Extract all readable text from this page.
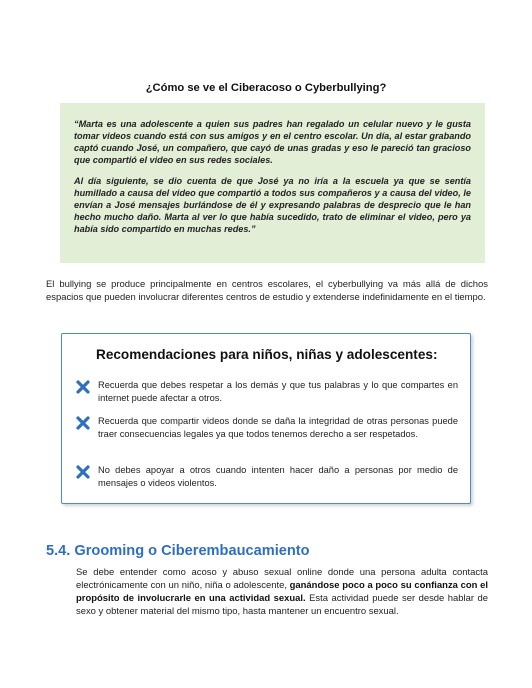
¿Cómo se ve el Ciberacoso o Cyberbullying?

“Marta es una adolescente a quien sus padres han regalado un celular nuevo y le gusta tomar videos cuando está con sus amigos y en el centro escolar. Un día, al estar grabando captó cuando José, un compañero, que cayó de unas gradas y eso le pareció tan gracioso que compartió el video en sus redes sociales.

Al día siguiente, se dio cuenta de que José ya no iría a la escuela ya que se sentía humillado a causa del video que compartió a todos sus compañeros y a causa del video, le envían a José mensajes burlándose de él y expresando palabras de desprecio que le han hecho mucho daño. Marta al ver lo que había sucedido, trato de eliminar el video, pero ya había sido compartido en muchas redes.”

El bullying se produce principalmente en centros escolares, el cyberbullying va más allá de dichos espacios que pueden involucrar diferentes centros de estudio y extenderse indefinidamente en el tiempo.
Recomendaciones para niños, niñas y adolescentes:
Recuerda que debes respetar a los demás y que tus palabras y lo que compartes en internet puede afectar a otros.
Recuerda que compartir videos donde se daña la integridad de otras personas puede traer consecuencias legales ya que todos tenemos derecho a ser respetados.
No debes apoyar a otros cuando intenten hacer daño a personas por medio de mensajes o videos violentos.
5.4. Grooming o Ciberembaucamiento
Se debe entender como acoso y abuso sexual online donde una persona adulta contacta electrónicamente con un niño, niña o adolescente, ganándose poco a poco su confianza con el propósito de involucrarle en una actividad sexual. Esta actividad puede ser desde hablar de sexo y obtener material del mismo tipo, hasta mantener un encuentro sexual.
